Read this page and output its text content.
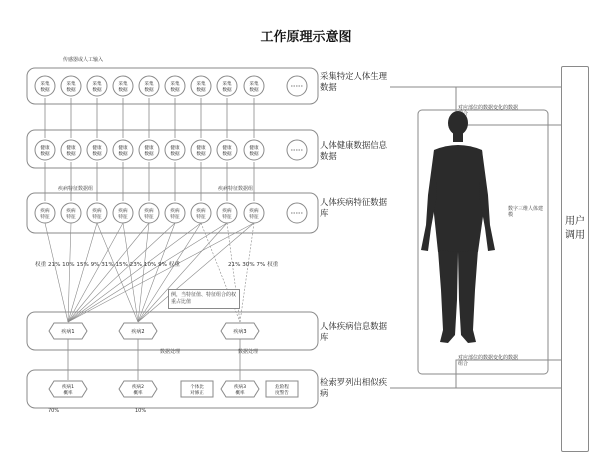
工作原理示意图
传感器或人工输入
采集
数据
采集
数据
采集
数据
采集
数据
采集
数据
采集
数据
采集
数据
采集
数据
采集
数据
健康
数据
健康
数据
健康
数据
健康
数据
健康
数据
健康
数据
健康
数据
健康
数据
健康
数据
疾病
特征
疾病
特征
疾病
特征
疾病
特征
疾病
特征
疾病
特征
疾病
特征
疾病
特征
疾病
特征
疾病1	疾病2	疾病3
疾病1
概率
疾病2
概率
个体比
对修正
疾病3
概率
危险程
度警告
采集特定人体生理数据
人体健康数据信息数据
人体疾病特征数据库
人体疾病信息数据库
检索罗列出相似疾病
疾病特征数据组	疾病特征数据组
权重 21% 10% 15% 9% 31% 15% 23% 10% 9% 权重	21% 30% 7% 权重
例，当特征值、特征组合的权重占比值
数据处理	数据处理
70%	10%
对应部位的数据变化的数据组合
数字三维人体建模
对应部位的数据变化的数据组合
用户调用
